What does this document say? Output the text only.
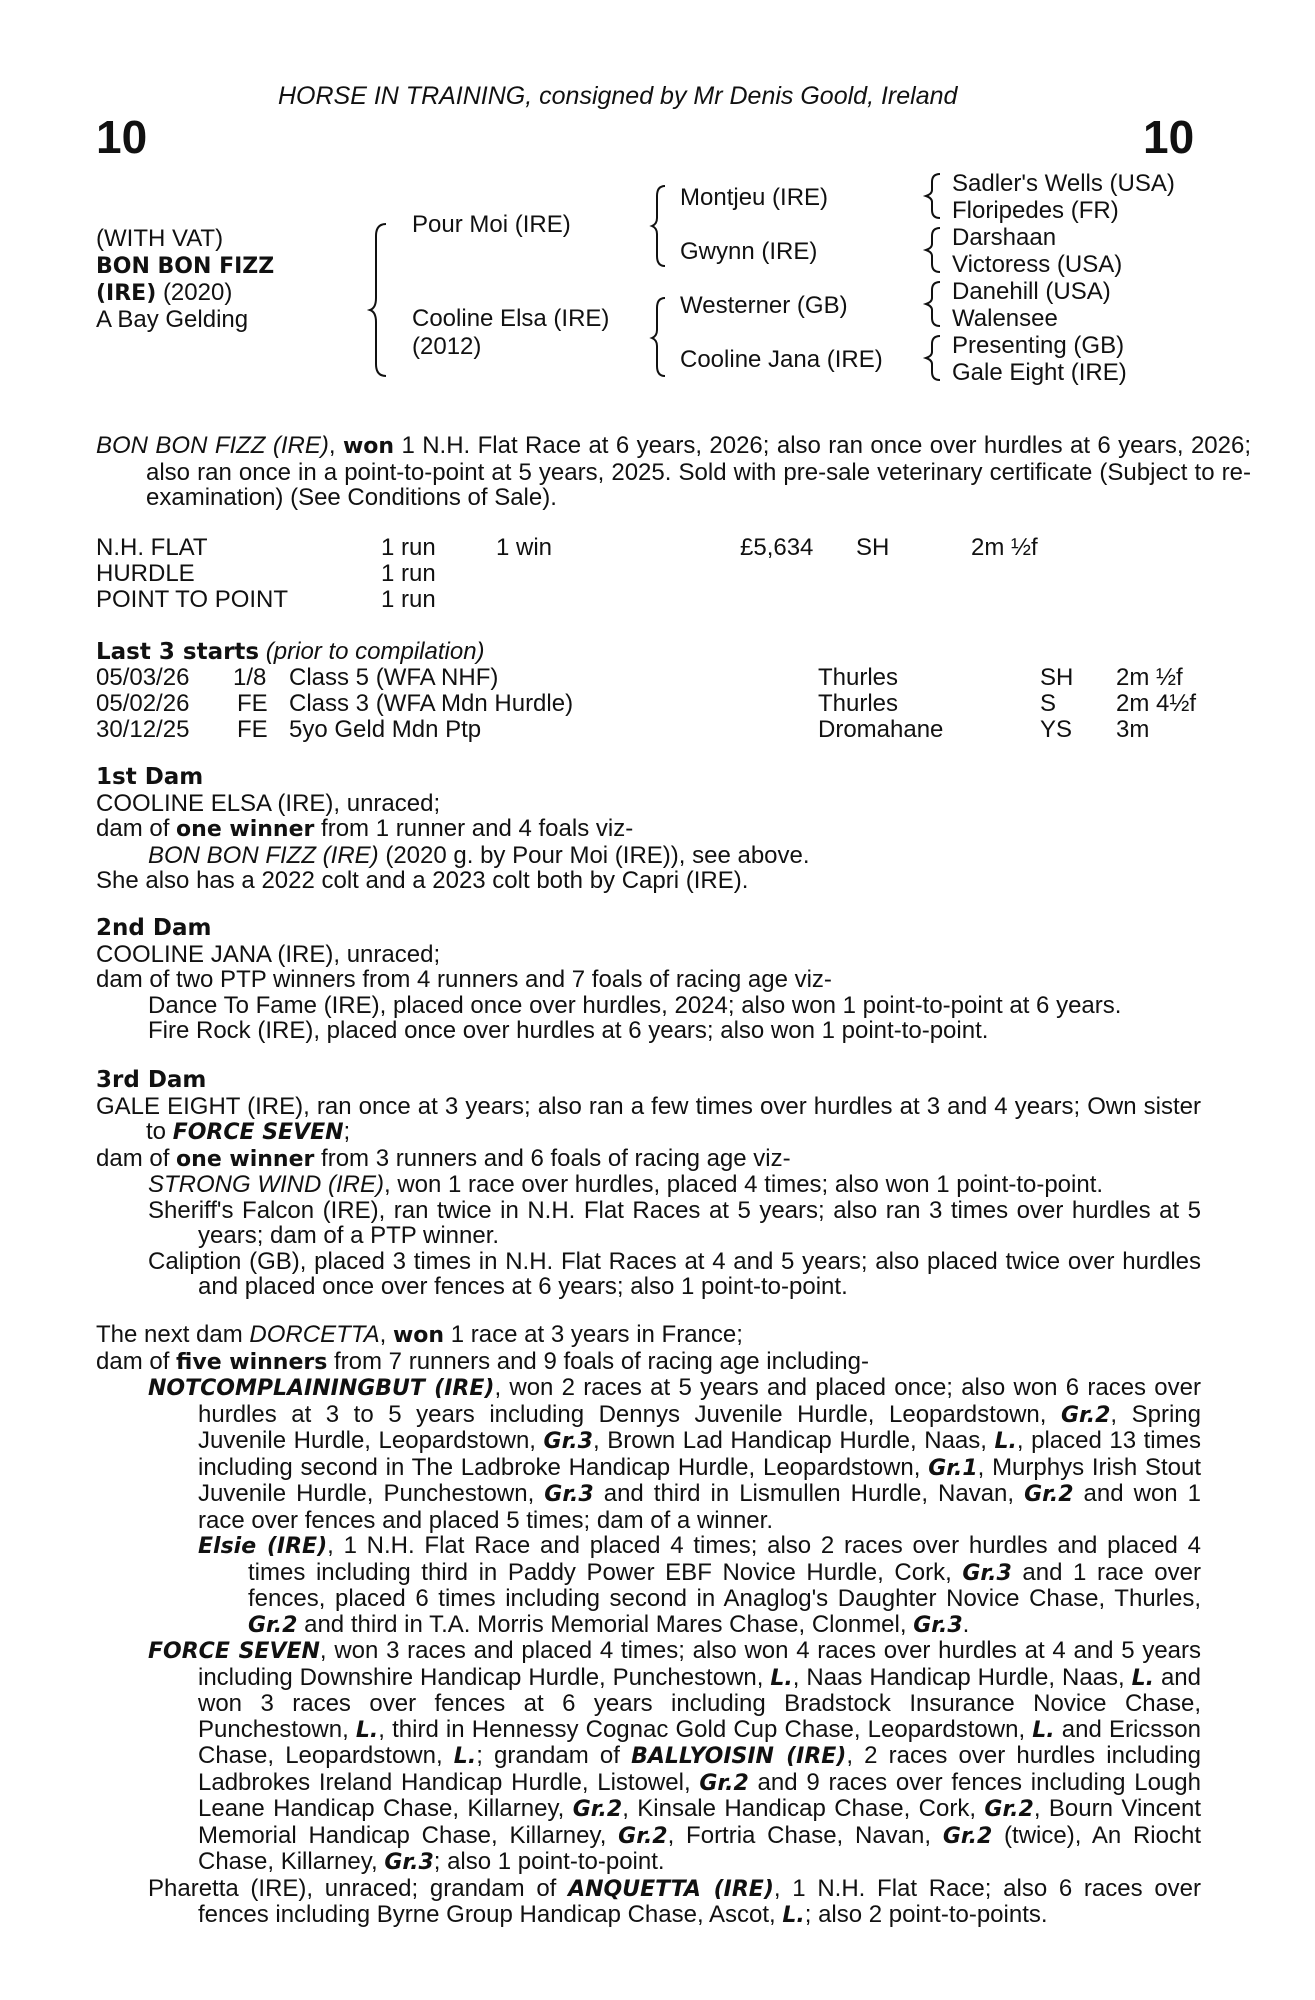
HORSE IN TRAINING, consigned by Mr Denis Goold, Ireland
10	10
(WITH VAT)
BON BON FIZZ
(IRE) (2020)
A Bay Gelding
Pour Moi (IRE)
Cooline Elsa (IRE)
(2012)
Montjeu (IRE)
Gwynn (IRE)
Westerner (GB)
Cooline Jana (IRE)
Sadler's Wells (USA)
Floripedes (FR)
Darshaan
Victoress (USA)
Danehill (USA)
Walensee
Presenting (GB)
Gale Eight (IRE)
BON BON FIZZ (IRE), won 1 N.H. Flat Race at 6 years, 2026; also ran once over hurdles at 6 years, 2026; also ran once in a point-to-point at 5 years, 2025. Sold with pre-sale veterinary certificate (Subject to re-examination) (See Conditions of Sale).
N.H. FLAT	1 run	1 win	£5,634 SH	2m ½f
HURDLE	1 run
POINT TO POINT	1 run
Last 3 starts (prior to compilation)
05/03/26 1/8 Class 5 (WFA NHF)	Thurles	SH 2m ½f
05/02/26 FE Class 3 (WFA Mdn Hurdle)	Thurles	S 2m 4½f
30/12/25 FE 5yo Geld Mdn Ptp	Dromahane	YS 3m
1st Dam
COOLINE ELSA (IRE), unraced;
dam of one winner from 1 runner and 4 foals viz-
BON BON FIZZ (IRE) (2020 g. by Pour Moi (IRE)), see above.
She also has a 2022 colt and a 2023 colt both by Capri (IRE).
2nd Dam
COOLINE JANA (IRE), unraced;
dam of two PTP winners from 4 runners and 7 foals of racing age viz-
Dance To Fame (IRE), placed once over hurdles, 2024; also won 1 point-to-point at 6 years.
Fire Rock (IRE), placed once over hurdles at 6 years; also won 1 point-to-point.
3rd Dam
GALE EIGHT (IRE), ran once at 3 years; also ran a few times over hurdles at 3 and 4 years; Own sister to FORCE SEVEN;
dam of one winner from 3 runners and 6 foals of racing age viz-
STRONG WIND (IRE), won 1 race over hurdles, placed 4 times; also won 1 point-to-point.
Sheriff's Falcon (IRE), ran twice in N.H. Flat Races at 5 years; also ran 3 times over hurdles at 5 years; dam of a PTP winner.
Caliption (GB), placed 3 times in N.H. Flat Races at 4 and 5 years; also placed twice over hurdles and placed once over fences at 6 years; also 1 point-to-point.
The next dam DORCETTA, won 1 race at 3 years in France;
dam of five winners from 7 runners and 9 foals of racing age including-
NOTCOMPLAININGBUT (IRE), won 2 races at 5 years and placed once; also won 6 races over hurdles at 3 to 5 years including Dennys Juvenile Hurdle, Leopardstown, Gr.2, Spring Juvenile Hurdle, Leopardstown, Gr.3, Brown Lad Handicap Hurdle, Naas, L., placed 13 times including second in The Ladbroke Handicap Hurdle, Leopardstown, Gr.1, Murphys Irish Stout Juvenile Hurdle, Punchestown, Gr.3 and third in Lismullen Hurdle, Navan, Gr.2 and won 1 race over fences and placed 5 times; dam of a winner.
Elsie (IRE), 1 N.H. Flat Race and placed 4 times; also 2 races over hurdles and placed 4 times including third in Paddy Power EBF Novice Hurdle, Cork, Gr.3 and 1 race over fences, placed 6 times including second in Anaglog's Daughter Novice Chase, Thurles, Gr.2 and third in T.A. Morris Memorial Mares Chase, Clonmel, Gr.3.
FORCE SEVEN, won 3 races and placed 4 times; also won 4 races over hurdles at 4 and 5 years including Downshire Handicap Hurdle, Punchestown, L., Naas Handicap Hurdle, Naas, L. and won 3 races over fences at 6 years including Bradstock Insurance Novice Chase, Punchestown, L., third in Hennessy Cognac Gold Cup Chase, Leopardstown, L. and Ericsson Chase, Leopardstown, L.; grandam of BALLYOISIN (IRE), 2 races over hurdles including Ladbrokes Ireland Handicap Hurdle, Listowel, Gr.2 and 9 races over fences including Lough Leane Handicap Chase, Killarney, Gr.2, Kinsale Handicap Chase, Cork, Gr.2, Bourn Vincent Memorial Handicap Chase, Killarney, Gr.2, Fortria Chase, Navan, Gr.2 (twice), An Riocht Chase, Killarney, Gr.3; also 1 point-to-point.
Pharetta (IRE), unraced; grandam of ANQUETTA (IRE), 1 N.H. Flat Race; also 6 races over fences including Byrne Group Handicap Chase, Ascot, L.; also 2 point-to-points.
